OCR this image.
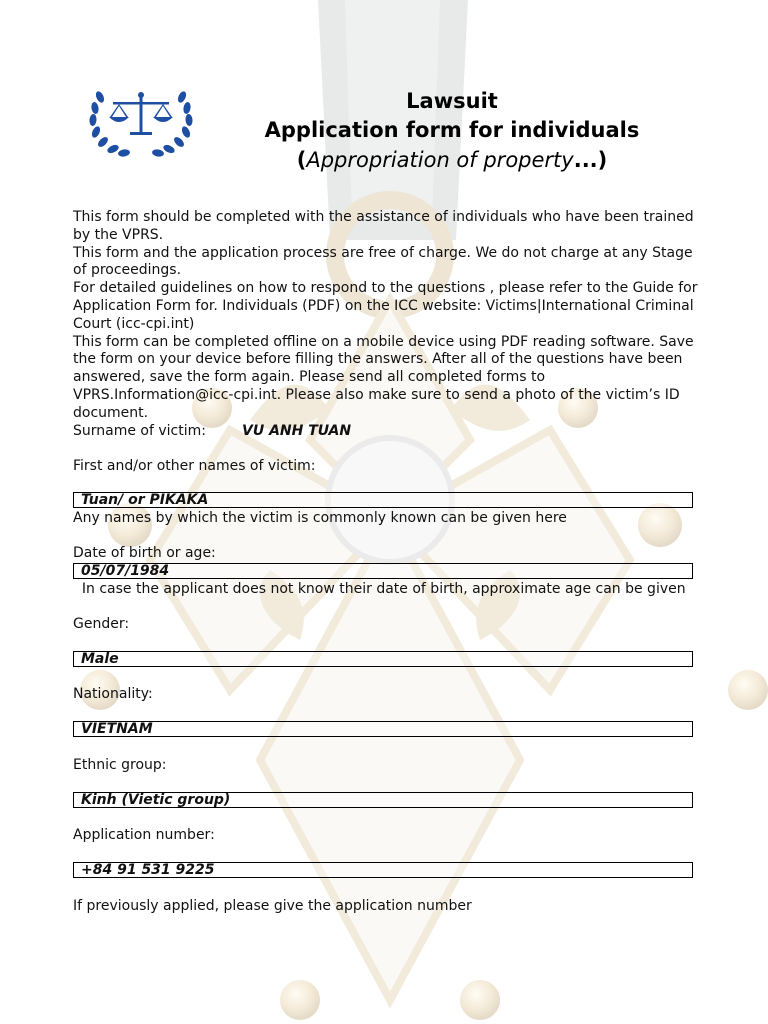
Lawsuit
Application form for individuals
(Appropriation of property...)

This form should be completed with the assistance of individuals who have been trained by the VPRS.

This form and the application process are free of charge. We do not charge at any Stage of proceedings.

For detailed guidelines on how to respond to the questions , please refer to the Guide for Application Form for. Individuals (PDF) on the ICC website: Victims|International Criminal Court (icc-cpi.int)

This form can be completed offline on a mobile device using PDF reading software. Save the form on your device before filling the answers. After all of the questions have been answered, save the form again. Please send all completed forms to VPRS.Information@icc-cpi.int. Please also make sure to send a photo of the victim’s ID document.

Surname of victim:	VU ANH TUAN
First and/or other names of victim:
Tuan/ or PIKAKA
Any names by which the victim is commonly known can be given here
Date of birth or age:
05/07/1984
In case the applicant does not know their date of birth, approximate age can be given
Gender:
Male
Nationality:
VIETNAM
Ethnic group:
Kinh (Vietic group)
Application number:
+84 91 531 9225
If previously applied, please give the application number
